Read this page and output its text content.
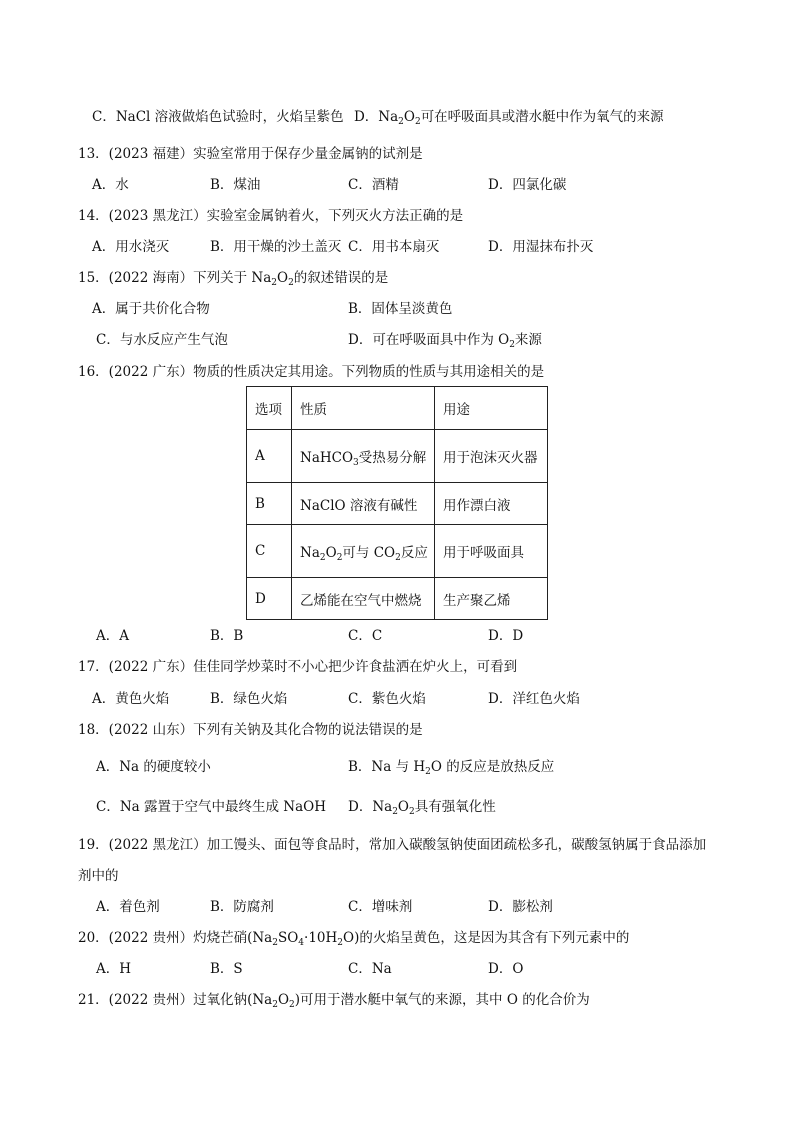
C．NaCl 溶液做焰色试验时，火焰呈紫色 D．$Na_2O_2$可在呼吸面具或潜水艇中作为氧气的来源
13．(2023 福建）实验室常用于保存少量金属钠的试剂是
A．水	B．煤油	C．酒精	D．四氯化碳
14．(2023 黑龙江）实验室金属钠着火，下列灭火方法正确的是
A．用水浇灭	B．用干燥的沙土盖灭 C．用书本扇灭	D．用湿抹布扑灭
15．(2022 海南）下列关于 $Na_2O_2$的叙述错误的是
A．属于共价化合物	B．固体呈淡黄色
C．与水反应产生气泡	D．可在呼吸面具中作为 $O_2$来源
16．(2022 广东）物质的性质决定其用途。下列物质的性质与其用途相关的是
选项	性质	用途
A	NaHCO$_3$受热易分解	用于泡沫灭火器
B	NaClO 溶液有碱性	用作漂白液
C	$Na_2O_2$可与 $CO_2$反应	用于呼吸面具
D	乙烯能在空气中燃烧	生产聚乙烯
A．A	B．B	C．C	D．D
17．(2022 广东）佳佳同学炒菜时不小心把少许食盐洒在炉火上，可看到
A．黄色火焰	B．绿色火焰	C．紫色火焰	D．洋红色火焰
18．(2022 山东）下列有关钠及其化合物的说法错误的是
A．Na 的硬度较小	B．Na 与 $H_2O$ 的反应是放热反应
C．Na 露置于空气中最终生成 NaOH D．$Na_2O_2$具有强氧化性
19．(2022 黑龙江）加工馒头、面包等食品时，常加入碳酸氢钠使面团疏松多孔，碳酸氢钠属于食品添加
剂中的
A．着色剂	B．防腐剂	C．增味剂	D．膨松剂
20．(2022 贵州）灼烧芒硝$(Na_2SO_4\cdot 10H_2O)$的火焰呈黄色，这是因为其含有下列元素中的
A．H	B．S	C．Na	D．O
21．(2022 贵州）过氧化钠$(Na_2O_2)$可用于潜水艇中氧气的来源，其中 O 的化合价为
